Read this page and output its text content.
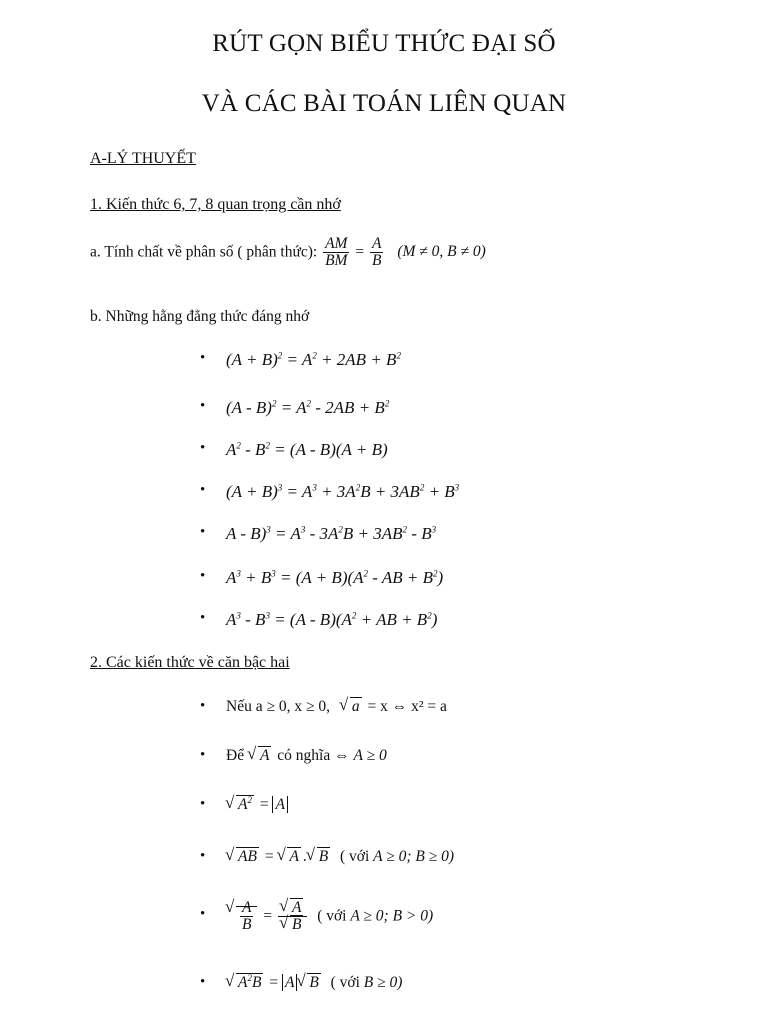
RÚT GỌN BIỂU THỨC ĐẠI SỐ
VÀ CÁC BÀI TOÁN LIÊN QUAN
A-LÝ THUYẾT
1. Kiến thức 6, 7, 8 quan trọng cần nhớ
a. Tính chất về phân số ( phân thức): $\frac{AM}{BM} = \frac{A}{B} (M \ne 0$, B ≠ 0)
b. Những hằng đẳng thức đáng nhớ
• $(A + B)^2 = A^2 + 2AB + B^2$
• $(A - B)^2 = A^2 - 2AB + B^2$
• $A^2 - B^2 = (A - B)(A + B)$
• $(A + B)^3 = A^3 + 3A^2B + 3AB^2 + B^3$
• $A - B)^3 = A^3 - 3A^2B + 3AB^2 - B^3$
• $A^3 + B^3 = (A + B)(A^2$ - AB + $B^2$)
• $A^3 - B^3 = (A - B)(A^2$ + AB + $B^2$)
2. Các kiến thức về căn bậc hai
• Nếu a ≥ 0, x ≥ 0, √ a = x ⇔ x² = a
• Để √ A có nghĩa ⇔ A ≥ 0
•
√	$A^2 = A$
•
√	AB = √ A .√ B ( với A ≥ 0; B ≥ 0)
•
√ $\frac{A}{B}$ =
√ A
√ B ( với A ≥ 0; B > 0)
•
√	$A^2B = A√$ B ( với B ≥ 0)
